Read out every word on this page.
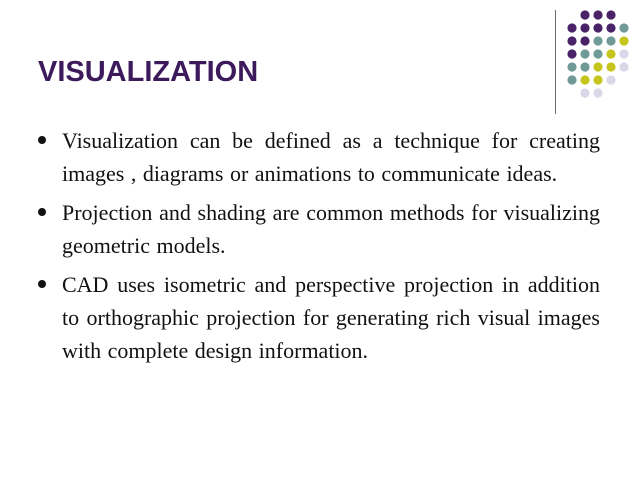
VISUALIZATION
Visualization can be defined as a technique for creating images , diagrams or animations to communicate ideas.
Projection and shading are common methods for visualizing geometric models.
CAD uses isometric and perspective projection in addition to orthographic projection for generating rich visual images with complete design information.
